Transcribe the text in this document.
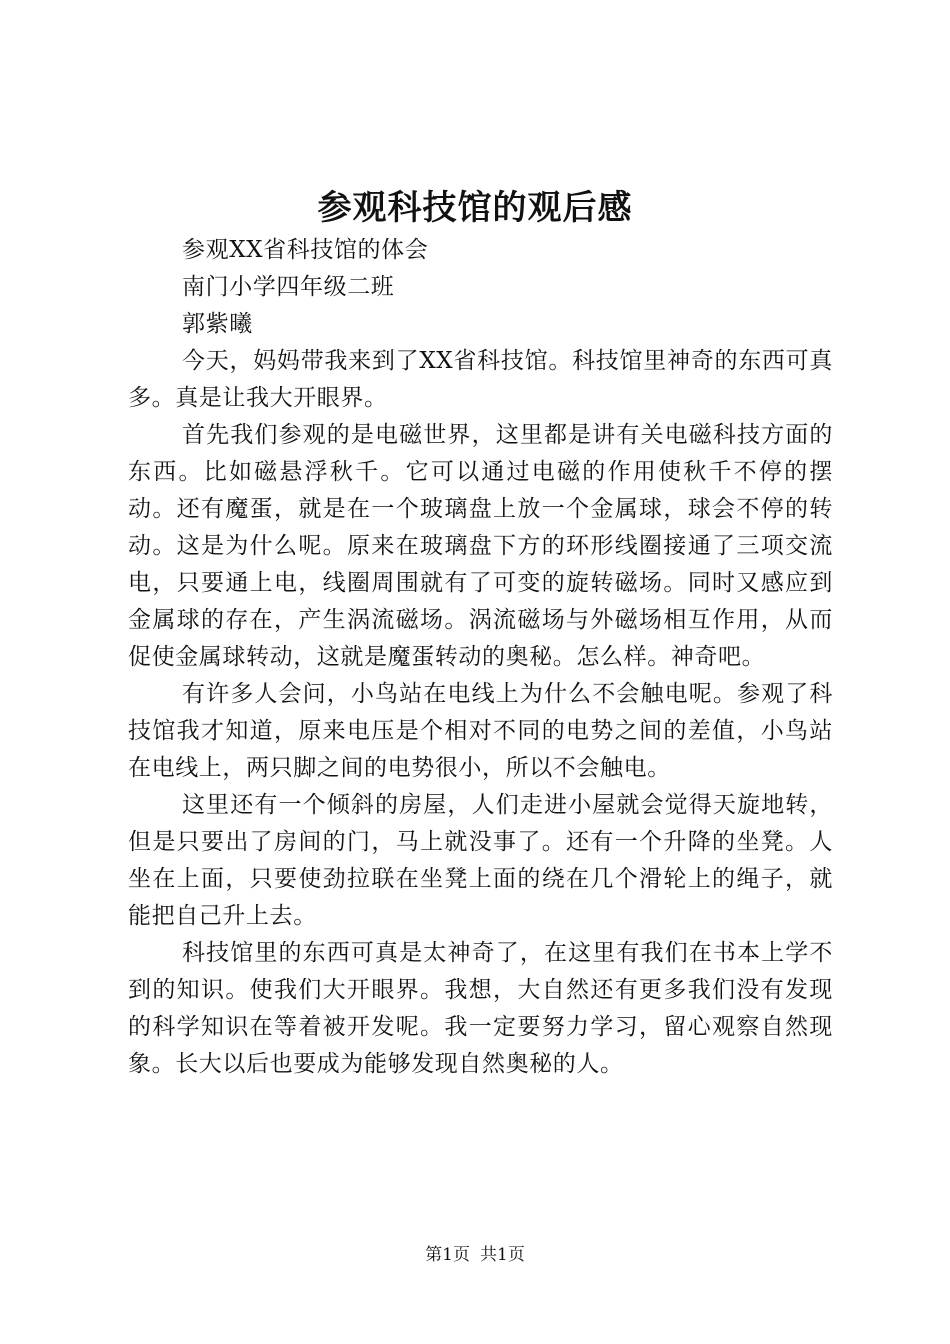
参观科技馆的观后感

参观XX省科技馆的体会

南门小学四年级二班

郭紫曦

今天，妈妈带我来到了XX省科技馆。科技馆里神奇的东西可真多。真是让我大开眼界。

首先我们参观的是电磁世界，这里都是讲有关电磁科技方面的东西。比如磁悬浮秋千。它可以通过电磁的作用使秋千不停的摆动。还有魔蛋，就是在一个玻璃盘上放一个金属球，球会不停的转动。这是为什么呢。原来在玻璃盘下方的环形线圈接通了三项交流电，只要通上电，线圈周围就有了可变的旋转磁场。同时又感应到金属球的存在，产生涡流磁场。涡流磁场与外磁场相互作用，从而促使金属球转动，这就是魔蛋转动的奥秘。怎么样。神奇吧。

有许多人会问，小鸟站在电线上为什么不会触电呢。参观了科技馆我才知道，原来电压是个相对不同的电势之间的差值，小鸟站在电线上，两只脚之间的电势很小，所以不会触电。

这里还有一个倾斜的房屋，人们走进小屋就会觉得天旋地转，但是只要出了房间的门，马上就没事了。还有一个升降的坐凳。人坐在上面，只要使劲拉联在坐凳上面的绕在几个滑轮上的绳子，就能把自己升上去。

科技馆里的东西可真是太神奇了，在这里有我们在书本上学不到的知识。使我们大开眼界。我想，大自然还有更多我们没有发现的科学知识在等着被开发呢。我一定要努力学习，留心观察自然现象。长大以后也要成为能够发现自然奥秘的人。

第1页 共1页
